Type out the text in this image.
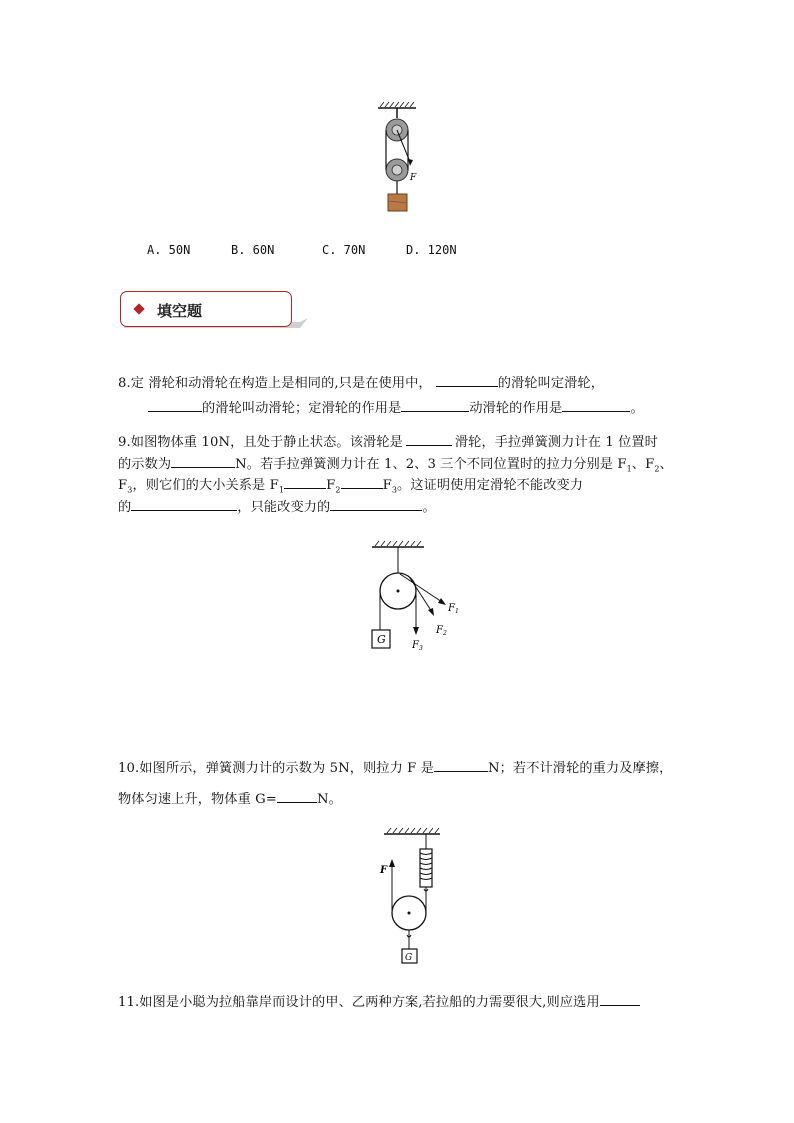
F
A. 50N	B. 60N	C. 70N	D. 120N
填空题
8.定 滑轮和动滑轮在构造上是相同的,只是在使用中，	的滑轮叫定滑轮，
的滑轮叫动滑轮；定滑轮的作用是	动滑轮的作用是	。
9.如图物体重 10N，且处于静止状态。该滑轮是	滑轮，手拉弹簧测力计在 1 位置时
的示数为	N。若手拉弹簧测力计在 1、2、3 三个不同位置时的拉力分别是 $F_1$、$F_2$、
$F_3$，则它们的大小关系是 $F_1$	$F_2$	$F_3$。这证明使用定滑轮不能改变力
的	，只能改变力的	。
G
$F_1$
$F_2$
$F_3$
10.如图所示，弹簧测力计的示数为 5N，则拉力 F 是	N；若不计滑轮的重力及摩擦，
物体匀速上升，物体重 G=	N。
F
G
11.如图是小聪为拉船靠岸而设计的甲、乙两种方案,若拉船的力需要很大,则应选用
